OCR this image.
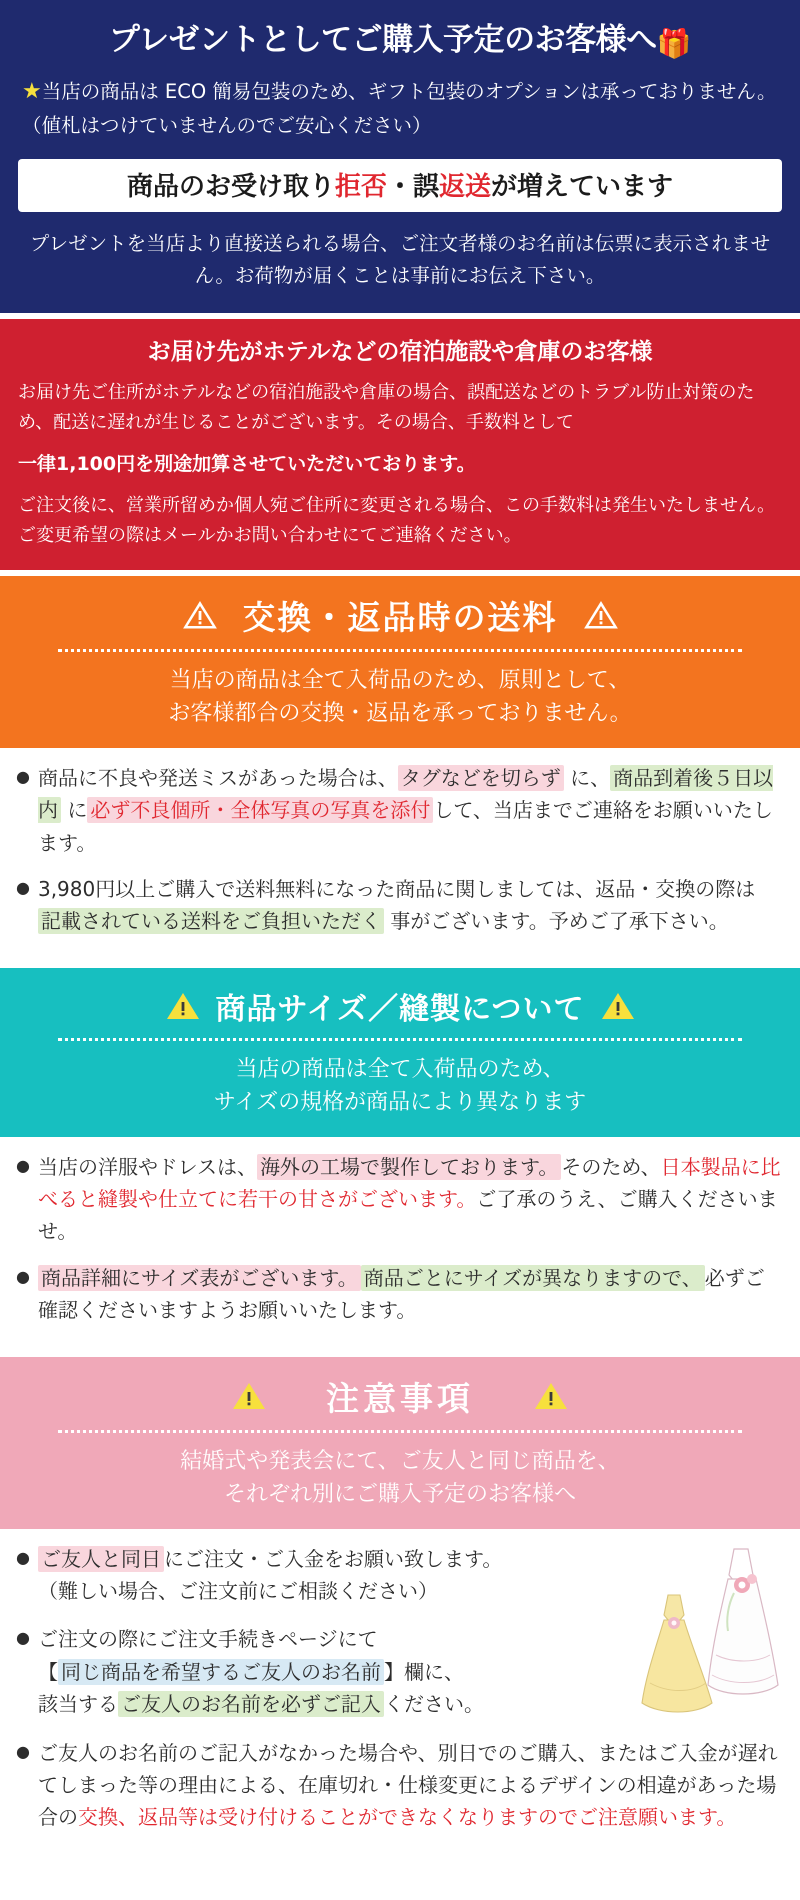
プレゼントとしてご購入予定のお客様へ🎁
★当店の商品は ECO 簡易包装のため、ギフト包装のオプションは承っておりません。（値札はつけていませんのでご安心ください）
商品のお受け取り拒否・誤返送が増えています
プレゼントを当店より直接送られる場合、ご注文者様のお名前は伝票に表示されません。お荷物が届くことは事前にお伝え下さい。
お届け先がホテルなどの宿泊施設や倉庫のお客様

お届け先ご住所がホテルなどの宿泊施設や倉庫の場合、誤配送などのトラブル防止対策のため、配送に遅れが生じることがございます。その場合、手数料として

一律1,100円を別途加算させていただいております。

ご注文後に、営業所留めか個人宛ご住所に変更される場合、この手数料は発生いたしません。ご変更希望の際はメールかお問い合わせにてご連絡ください。

交換・返品時の送料
当店の商品は全て入荷品のため、原則として、
お客様都合の交換・返品を承っておりません。
● 商品に不良や発送ミスがあった場合は、 タグなどを切らず に、 商品到着後５日以内 に 必ず不良個所・全体写真の写真を添付 して、当店までご連絡をお願いいたします。
● 3,980円以上ご購入で送料無料になった商品に関しましては、返品・交換の際は 記載されている送料をご負担いただく 事がございます。予めご了承下さい。
商品サイズ／縫製について
当店の商品は全て入荷品のため、
サイズの規格が商品により異なります
● 当店の洋服やドレスは、 海外の工場で製作しております。 そのため、日本製品に比べると縫製や仕立てに若干の甘さがございます。ご了承のうえ、ご購入くださいませ。
● 商品詳細にサイズ表がございます。 商品ごとにサイズが異なりますので、 必ずご確認くださいますようお願いいたします。
注意事項
結婚式や発表会にて、ご友人と同じ商品を、
それぞれ別にご購入予定のお客様へ
● ご友人と同日 にご注文・ご入金をお願い致します。
（難しい場合、ご注文前にご相談ください）
● ご注文の際にご注文手続きページにて
【 同じ商品を希望するご友人のお名前 】欄に、
該当する ご友人のお名前を必ずご記入 ください。
● ご友人のお名前のご記入がなかった場合や、別日でのご購入、またはご入金が遅れてしまった等の理由による、在庫切れ・仕様変更によるデザインの相違があった場合の交換、返品等は受け付けることができなくなりますのでご注意願います。
